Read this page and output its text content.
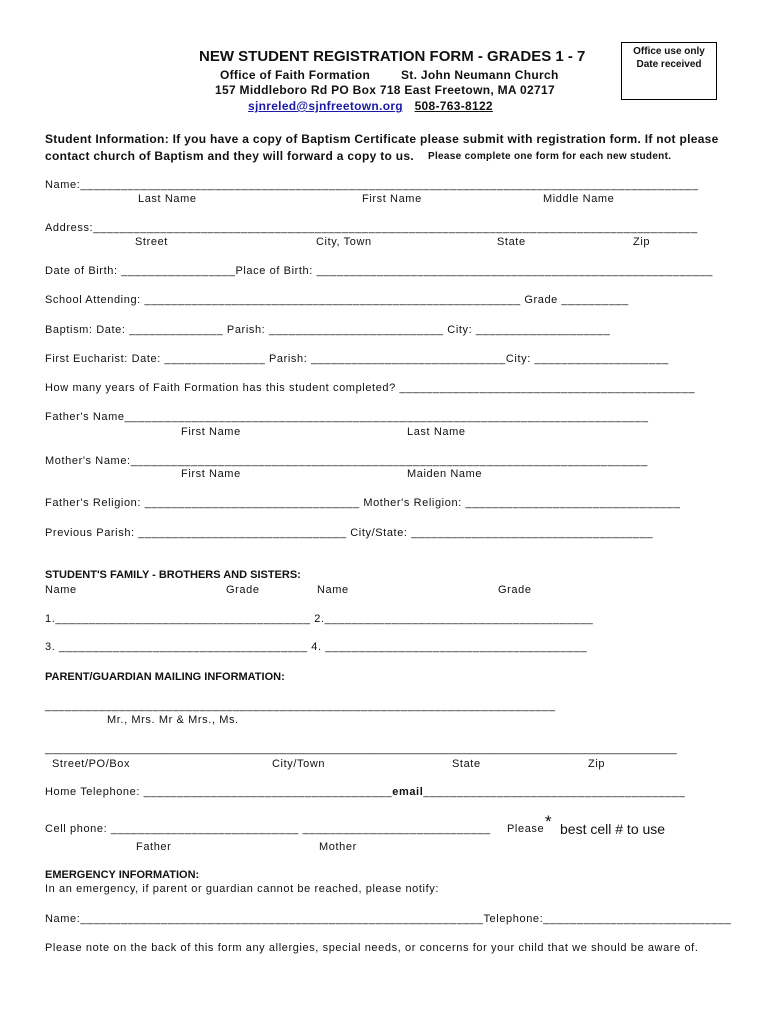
NEW STUDENT REGISTRATION FORM - GRADES 1 - 7
Office of Faith Formation	St. John Neumann Church
157 Middleboro Rd PO Box 718 East Freetown, MA 02717
sjnreled@sjnfreetown.org 508-763-8122
Office use only
Date received
Student Information: If you have a copy of Baptism Certificate please submit with registration form. If not please
contact church of Baptism and they will forward a copy to us. Please complete one form for each new student.
Name:____________________________________________________________________________________________
Last Name	First Name	Middle Name
Address:__________________________________________________________________________________________
Street	City, Town	State	Zip
Date of Birth: _________________Place of Birth: ___________________________________________________________
School Attending: ________________________________________________________ Grade __________
Baptism: Date: ______________ Parish: __________________________ City: ____________________
First Eucharist: Date: _______________ Parish: _____________________________City: ____________________
How many years of Faith Formation has this student completed? ____________________________________________
Father's Name______________________________________________________________________________
First Name	Last Name
Mother's Name:_____________________________________________________________________________
First Name	Maiden Name
Father's Religion: ________________________________ Mother's Religion: ________________________________
Previous Parish: _______________________________ City/State: ____________________________________
STUDENT'S FAMILY - BROTHERS AND SISTERS:
Name	Grade	Name	Grade
1.______________________________________ 2.________________________________________
3. _____________________________________ 4. _______________________________________
PARENT/GUARDIAN MAILING INFORMATION:
____________________________________________________________________________
Mr., Mrs. Mr & Mrs., Ms.
____________________________________________________________________________________________________
Street/PO/Box	City/Town	State	Zip
Home Telephone: _____________________________________email_______________________________________
Cell phone: ____________________________ ____________________________ Please * best cell # to use
Father	Mother
EMERGENCY INFORMATION:
In an emergency, if parent or guardian cannot be reached, please notify:
Name:____________________________________________________________Telephone:____________________________
Please note on the back of this form any allergies, special needs, or concerns for your child that we should be aware of.
